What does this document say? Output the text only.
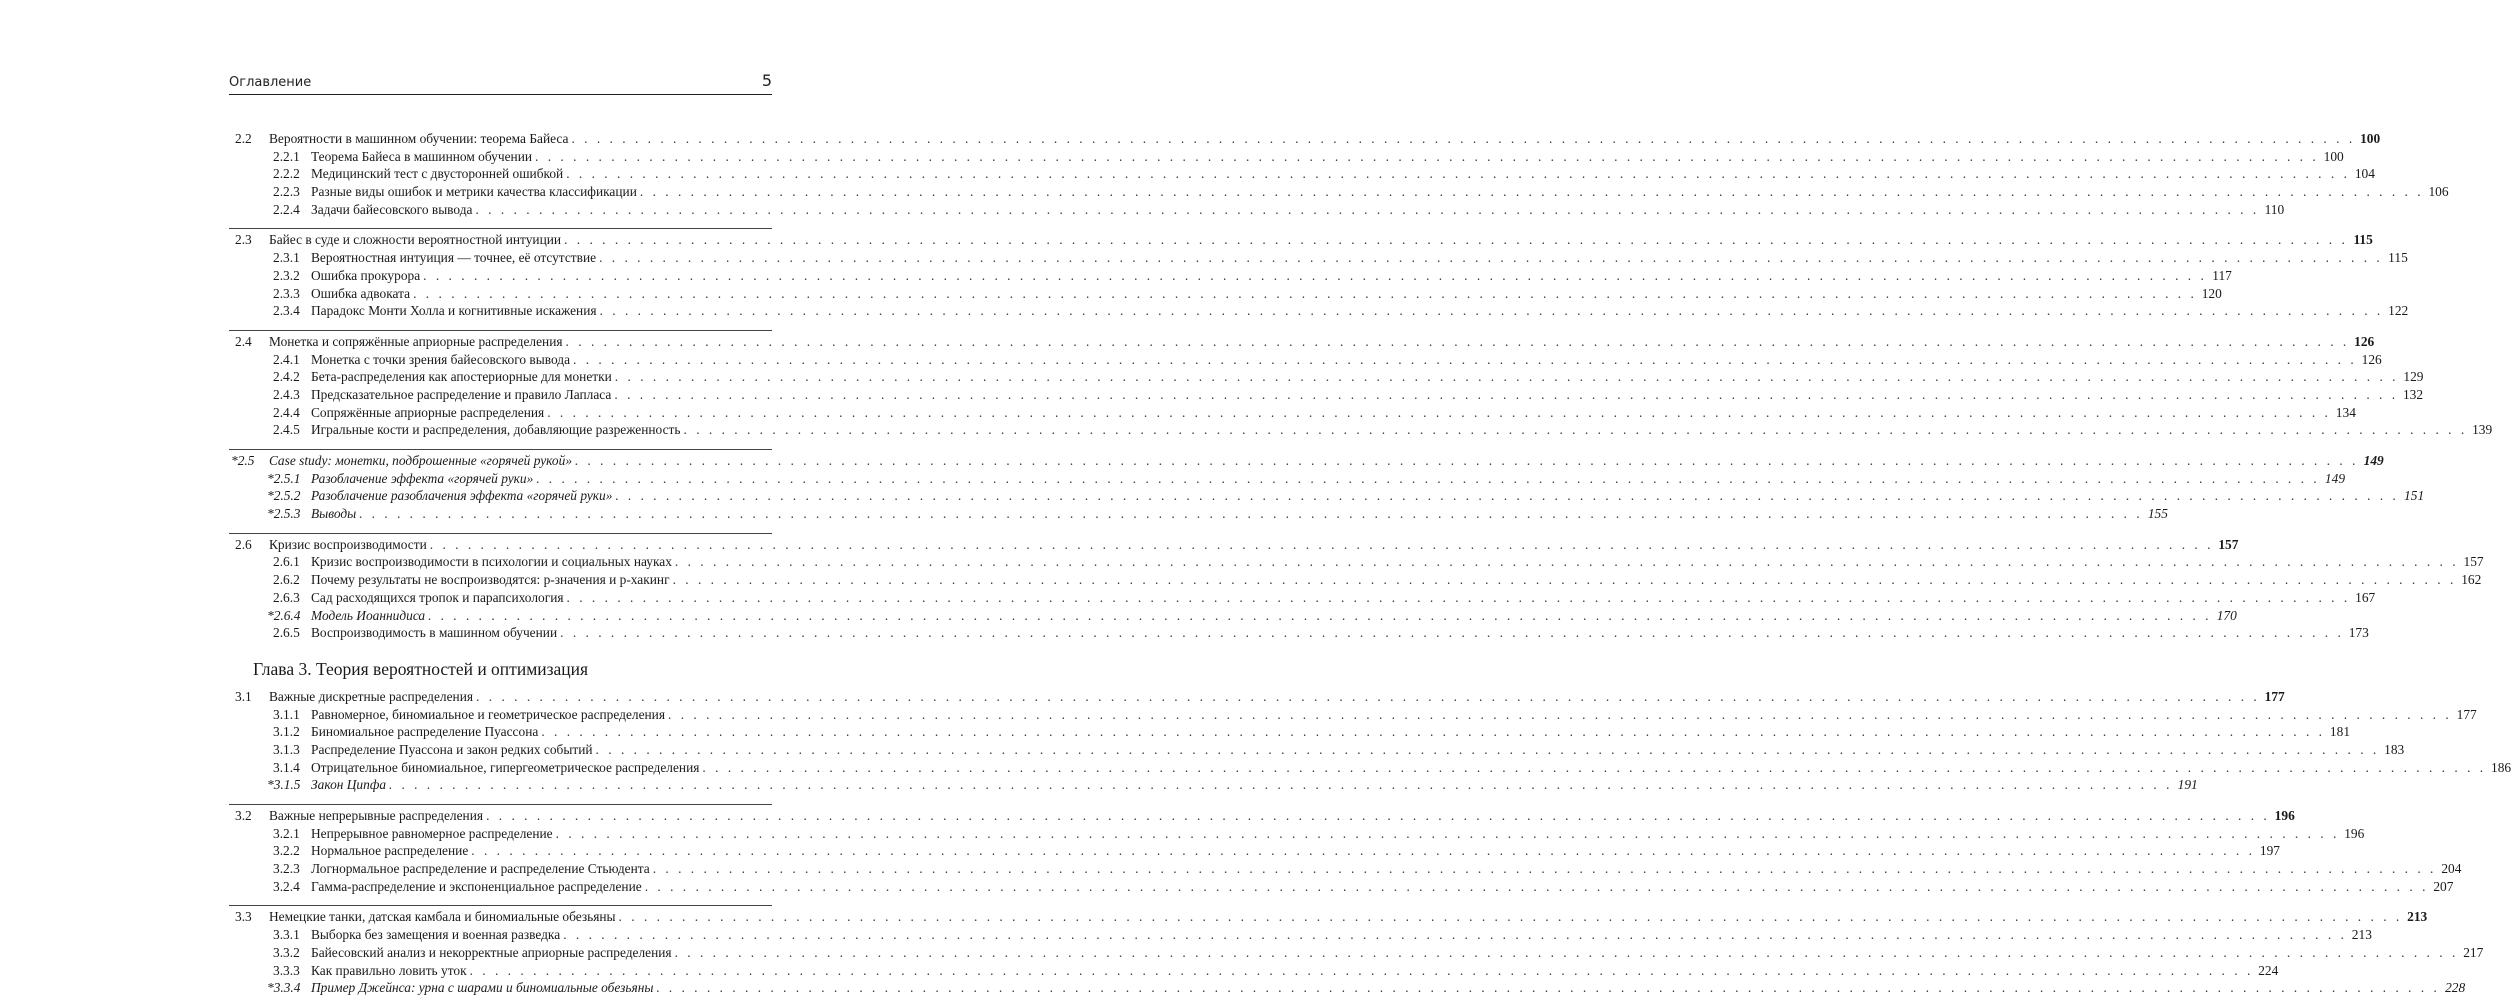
Оглавление	5
2.2	Вероятности в машинном обучении: теорема Байеса . . .	100
2.2.1 Теорема Байеса в машинном обучении . . .	100
2.2.2 Медицинский тест с двусторонней ошибкой . . .	104
2.2.3 Разные виды ошибок и метрики качества классификации . . .	106
2.2.4 Задачи байесовского вывода . . .	110
2.3	Байес в суде и сложности вероятностной интуиции . . .	115
2.3.1 Вероятностная интуиция — точнее, её отсутствие . . .	115
2.3.2 Ошибка прокурора . . .	117
2.3.3 Ошибка адвоката . . .	120
2.3.4 Парадокс Монти Холла и когнитивные искажения . . .	122
2.4	Монетка и сопряжённые априорные распределения . . .	126
2.4.1 Монетка с точки зрения байесовского вывода . . .	126
2.4.2 Бета-распределения как апостериорные для монетки . . .	129
2.4.3 Предсказательное распределение и правило Лапласа . . .	132
2.4.4 Сопряжённые априорные распределения . . .	134
2.4.5 Игральные кости и распределения, добавляющие разреженность . . .	139
*2.5	Case study: монетки, подброшенные «горячей рукой» . . .	149
*2.5.1 Разоблачение эффекта «горячей руки» . . .	149
*2.5.2 Разоблачение разоблачения эффекта «горячей руки» . . .	151
*2.5.3 Выводы . . .	155
2.6	Кризис воспроизводимости . . .	157
2.6.1 Кризис воспроизводимости в психологии и социальных науках . . .	157
2.6.2 Почему результаты не воспроизводятся: p-значения и p-хакинг . . .	162
2.6.3 Сад расходящихся тропок и парапсихология . . .	167
*2.6.4 Модель Иоаннидиса . . .	170
2.6.5 Воспроизводимость в машинном обучении . . .	173
Глава 3. Теория вероятностей и оптимизация
3.1	Важные дискретные распределения . . .	177
3.1.1 Равномерное, биномиальное и геометрическое распределения . . .	177
3.1.2 Биномиальное распределение Пуассона . . .	181
3.1.3 Распределение Пуассона и закон редких событий . . .	183
3.1.4 Отрицательное биномиальное, гипергеометрическое распределения . . .	186
*3.1.5 Закон Ципфа . . .	191
3.2	Важные непрерывные распределения . . .	196
3.2.1 Непрерывное равномерное распределение . . .	196
3.2.2 Нормальное распределение . . .	197
3.2.3 Логнормальное распределение и распределение Стьюдента . . .	204
3.2.4 Гамма-распределение и экспоненциальное распределение . . .	207
3.3	Немецкие танки, датская камбала и биномиальные обезьяны . . .	213
3.3.1 Выборка без замещения и военная разведка . . .	213
3.3.2 Байесовский анализ и некорректные априорные распределения . . .	217
3.3.3 Как правильно ловить уток . . .	224
*3.3.4 Пример Джейнса: урна с шарами и биномиальные обезьяны . . .	228
